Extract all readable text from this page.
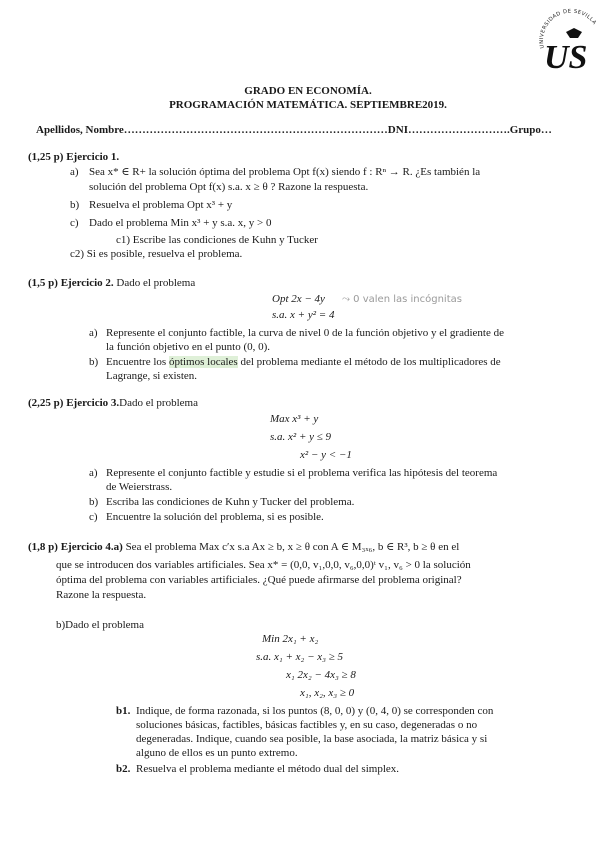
UNIVERSIDAD DE SEVILLA
US
GRADO EN ECONOMÍA.
PROGRAMACIÓN MATEMÁTICA. SEPTIEMBRE2019.
Apellidos, Nombre………………………………………………………………DNI……………………….Grupo…
(1,25 p) Ejercicio 1.
a) Sea x* ∈ R+ la solución óptima del problema Opt f(x) siendo f : Rⁿ → R. ¿Es también la
solución del problema Opt f(x) s.a. x ≥ θ ? Razone la respuesta.
b) Resuelva el problema Opt x³ + y
c) Dado el problema Min x³ + y s.a. x, y > 0
c1) Escribe las condiciones de Kuhn y Tucker
c2) Si es posible, resuelva el problema.
(1,5 p) Ejercicio 2. Dado el problema
Opt 2x − 4y ⤳ 0 valen las incógnitas
s.a. x + y² = 4
a) Represente el conjunto factible, la curva de nivel 0 de la función objetivo y el gradiente de
la función objetivo en el punto (0, 0).
b) Encuentre los óptimos locales del problema mediante el método de los multiplicadores de
Lagrange, si existen.
(2,25 p) Ejercicio 3.Dado el problema
Max x³ + y
s.a. x² + y ≤ 9
x² − y < −1
a) Represente el conjunto factible y estudie si el problema verifica las hipótesis del teorema
de Weierstrass.
b) Escriba las condiciones de Kuhn y Tucker del problema.
c) Encuentre la solución del problema, si es posible.
(1,8 p) Ejercicio 4.a) Sea el problema Max c′x s.a Ax ≥ b, x ≥ θ con A ∈ M₃ₓ₆, b ∈ R³, b ≥ θ en el
que se introducen dos variables artificiales. Sea x* = (0,0, v₁,0,0, v₆,0,0)ᵗ v₁, v₆ > 0 la solución
óptima del problema con variables artificiales. ¿Qué puede afirmarse del problema original?
Razone la respuesta.
b)Dado el problema
Min 2x₁ + x₂
s.a. x₁ + x₂ − x₃ ≥ 5
x₁ 2x₂ − 4x₃ ≥ 8
x₁, x₂, x₃ ≥ 0
b1. Indique, de forma razonada, si los puntos (8, 0, 0) y (0, 4, 0) se corresponden con
soluciones básicas, factibles, básicas factibles y, en su caso, degeneradas o no
degeneradas. Indique, cuando sea posible, la base asociada, la matriz básica y si
alguno de ellos es un punto extremo.
b2. Resuelva el problema mediante el método dual del simplex.
